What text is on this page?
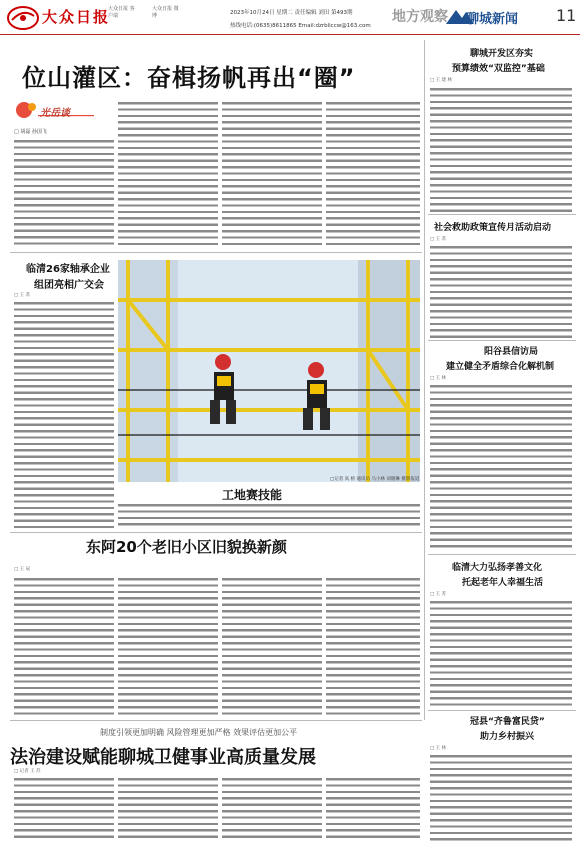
大众日报
大众日报 客户端
大众日报 微博	2023年10月24日 星期二 责任编辑 刘田 第493期
热线电话:(0635)8611865 Email:dzrbliccw@163.com
地方观察 聊城新闻 11
位山灌区：奋楫扬帆再出“圈”
光岳谈
□ 胡磊 孙国飞
临清26家轴承企业
组团亮相广交会
□ 王 苏
□记者 高 桥 通讯员 马小林 刘晓琳 摄影报道
工地赛技能
东阿20个老旧小区旧貌换新颜
□ 王 辰
聊城开发区夯实
预算绩效“双监控”基础
□ 王 建 林
社会救助政策宣传月活动启动
□ 王 苏
阳谷县信访局
建立健全矛盾综合化解机制
□ 王 林
临清大力弘扬孝善文化
托起老年人幸福生活
□ 王 苏
冠县“齐鲁富民贷”
助力乡村振兴
□ 王 林
制度引领更加明确 风险管理更加严格 效果评估更加公平
法治建设赋能聊城卫健事业高质量发展
□ 记者 王 苏
